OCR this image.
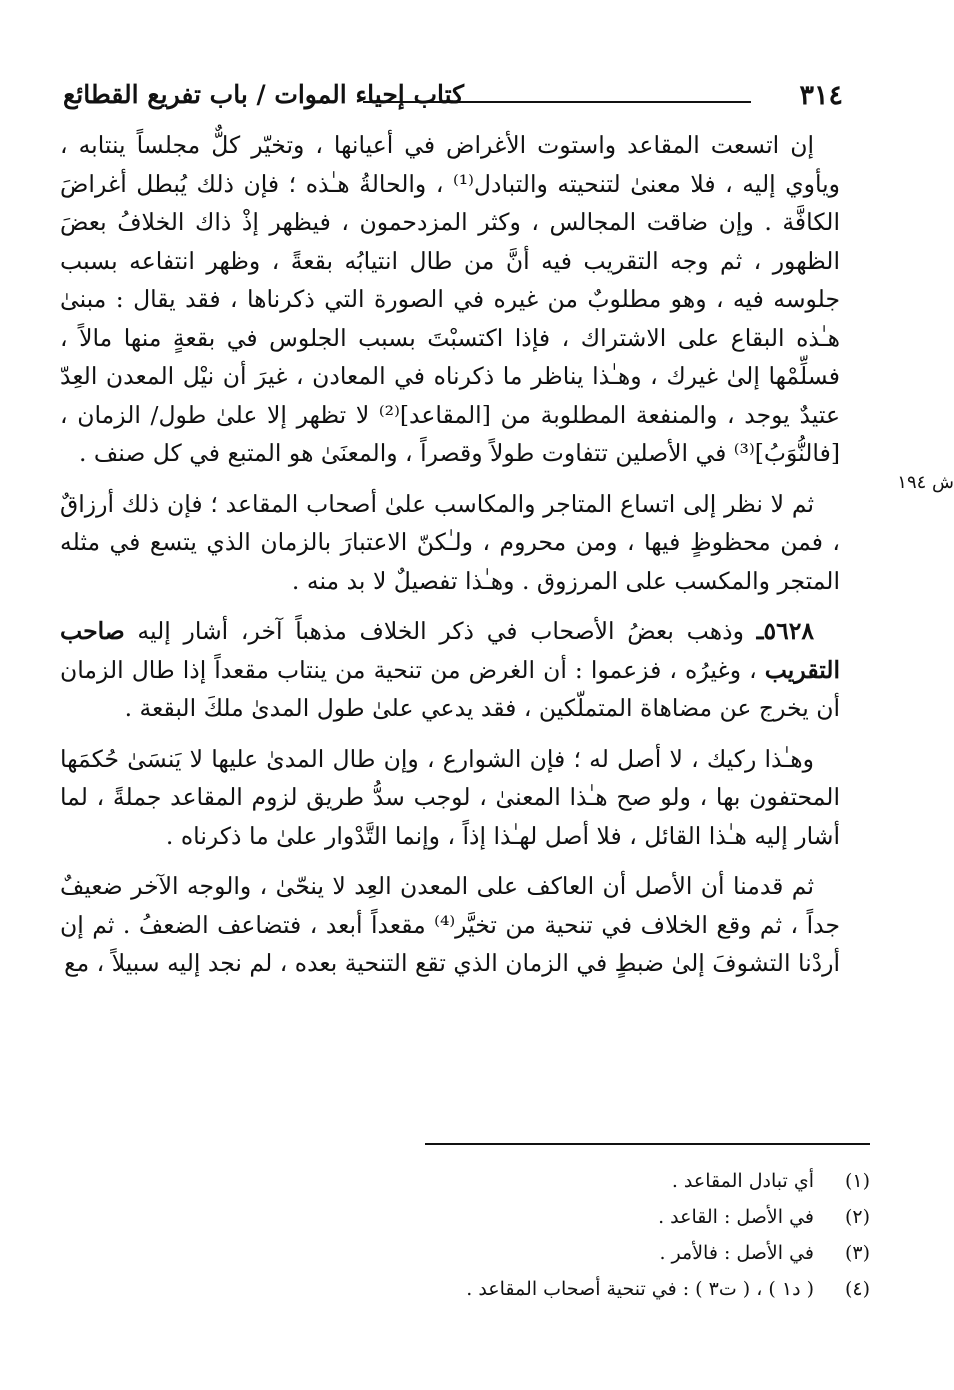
٣١٤
كتاب إحياء الموات / باب تفريع القطائع
ش ١٩٤

إن اتسعت المقاعد واستوت الأغراض في أعيانها ، وتخيّر كلٌّ مجلساً ينتابه ، ويأوي إليه ، فلا معنىٰ لتنحيته والتبادل⁽¹⁾ ، والحالةُ هـٰذه ؛ فإن ذلك يُبطل أغراضَ الكافَّة . وإن ضاقت المجالس ، وكثر المزدحمون ، فيظهر إذْ ذاك الخلافُ بعضَ الظهور ، ثم وجه التقريب فيه أنَّ من طال انتيابُه بقعةً ، وظهر انتفاعه بسبب جلوسه فيه ، وهو مطلوبٌ من غيره في الصورة التي ذكرناها ، فقد يقال : مبنىٰ هـٰذه البقاع على الاشتراك ، فإذا اكتسبْتَ بسبب الجلوس في بقعةٍ منها مالاً ، فسلِّمْها إلىٰ غيرك ، وهـٰذا يناظر ما ذكرناه في المعادن ، غيرَ أن نيْل المعدن العِدّ عتيدٌ يوجد ، والمنفعة المطلوبة من [المقاعد]⁽²⁾ لا تظهر إلا علىٰ طول/ الزمان ، [فالنُّوَبُ]⁽³⁾ في الأصلين تتفاوت طولاً وقصراً ، والمعنَىٰ هو المتبع في كل صنف .

ثم لا نظر إلى اتساع المتاجر والمكاسب علىٰ أصحاب المقاعد ؛ فإن ذلك أرزاقٌ ، فمن محظوظٍ فيها ، ومن محروم ، ولـٰكنّ الاعتبارَ بالزمان الذي يتسع في مثله المتجر والمكسب على المرزوق . وهـٰذا تفصيلٌ لا بد منه .

٥٦٢٨ـ وذهب بعضُ الأصحاب في ذكر الخلاف مذهباً آخر، أشار إليه صاحب التقريب ، وغيرُه ، فزعموا : أن الغرض من تنحية من ينتاب مقعداً إذا طال الزمان أن يخرج عن مضاهاة المتملّكين ، فقد يدعي علىٰ طول المدىٰ ملكَ البقعة .

وهـٰذا ركيك ، لا أصل له ؛ فإن الشوارع ، وإن طال المدىٰ عليها لا يَنسَىٰ حُكمَها المحتفون بها ، ولو صح هـٰذا المعنىٰ ، لوجب سدُّ طريق لزوم المقاعد جملةً ، لما أشار إليه هـٰذا القائل ، فلا أصل لهـٰذا إذاً ، وإنما التَّدْوار علىٰ ما ذكرناه .

ثم قدمنا أن الأصل أن العاكف على المعدن العِد لا ينحّىٰ ، والوجه الآخر ضعيفٌ جداً ، ثم وقع الخلاف في تنحية من تخيَّر⁽⁴⁾ مقعداً أبعد ، فتضاعف الضعفُ . ثم إن أردْنا التشوفَ إلىٰ ضبطٍ في الزمان الذي تقع التنحية بعده ، لم نجد إليه سبيلاً ، مع

(١)أي تبادل المقاعد .
(٢)في الأصل : القاعد .
(٣)في الأصل : فالأمر .
(٤)( د١ ) ، ( ت٣ ) : في تنحية أصحاب المقاعد .
